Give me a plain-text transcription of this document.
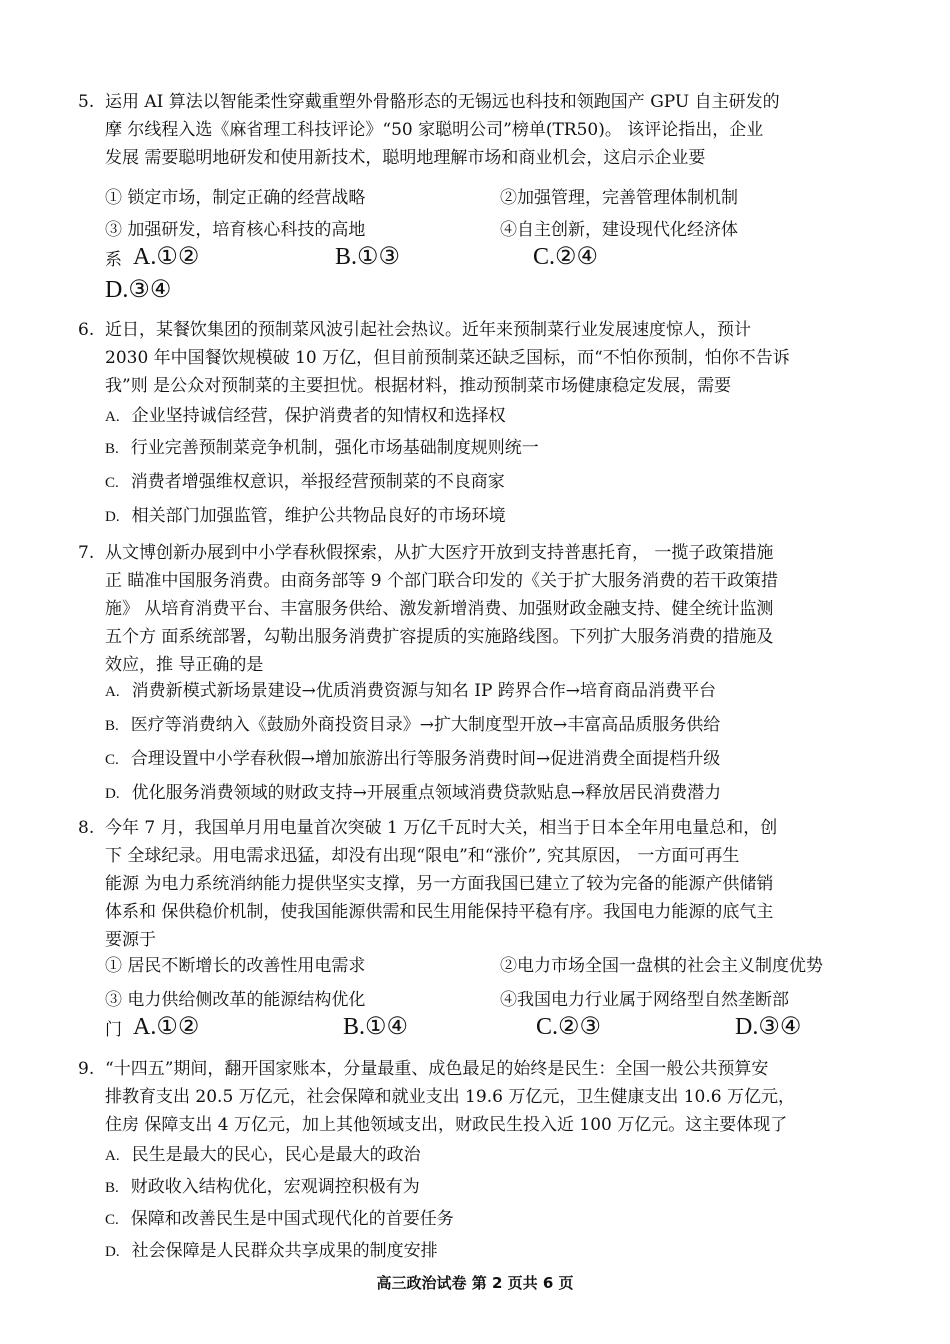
5. 运用 AI 算法以智能柔性穿戴重塑外骨骼形态的无锡远也科技和领跑国产 GPU 自主研发的
摩 尔线程入选《麻省理工科技评论》“50 家聪明公司”榜单(TR50)。 该评论指出，企业
发展 需要聪明地研发和使用新技术，聪明地理解市场和商业机会，这启示企业要
① 锁定市场，制定正确的经营战略	②加强管理，完善管理体制机制
③ 加强研发，培育核心科技的高地	④自主创新，建设现代化经济体
系 A.①②	B.①③	C.②④
D.③④
6. 近日，某餐饮集团的预制菜风波引起社会热议。近年来预制菜行业发展速度惊人，预计
2030 年中国餐饮规模破 10 万亿，但目前预制菜还缺乏国标，而“不怕你预制，怕你不告诉
我”则 是公众对预制菜的主要担忧。根据材料，推动预制菜市场健康稳定发展，需要
A. 企业坚持诚信经营，保护消费者的知情权和选择权
B. 行业完善预制菜竞争机制，强化市场基础制度规则统一
C. 消费者增强维权意识，举报经营预制菜的不良商家
D. 相关部门加强监管，维护公共物品良好的市场环境
7. 从文博创新办展到中小学春秋假探索，从扩大医疗开放到支持普惠托育， 一揽子政策措施
正 瞄准中国服务消费。由商务部等 9 个部门联合印发的《关于扩大服务消费的若干政策措
施》 从培育消费平台、丰富服务供给、激发新增消费、加强财政金融支持、健全统计监测
五个方 面系统部署，勾勒出服务消费扩容提质的实施路线图。下列扩大服务消费的措施及
效应，推 导正确的是
A. 消费新模式新场景建设→优质消费资源与知名 IP 跨界合作→培育商品消费平台
B. 医疗等消费纳入《鼓励外商投资目录》→扩大制度型开放→丰富高品质服务供给
C. 合理设置中小学春秋假→增加旅游出行等服务消费时间→促进消费全面提档升级
D. 优化服务消费领域的财政支持→开展重点领域消费贷款贴息→释放居民消费潜力
8. 今年 7 月，我国单月用电量首次突破 1 万亿千瓦时大关，相当于日本全年用电量总和，创
下 全球纪录。用电需求迅猛，却没有出现“限电”和“涨价”, 究其原因， 一方面可再生
能源 为电力系统消纳能力提供坚实支撑，另一方面我国已建立了较为完备的能源产供储销
体系和 保供稳价机制，使我国能源供需和民生用能保持平稳有序。我国电力能源的底气主
要源于
① 居民不断增长的改善性用电需求	②电力市场全国一盘棋的社会主义制度优势
③ 电力供给侧改革的能源结构优化	④我国电力行业属于网络型自然垄断部
门 A.①②	B.①④	C.②③	D.③④
9. “十四五”期间，翻开国家账本，分量最重、成色最足的始终是民生：全国一般公共预算安
排教育支出 20.5 万亿元，社会保障和就业支出 19.6 万亿元，卫生健康支出 10.6 万亿元，
住房 保障支出 4 万亿元，加上其他领域支出，财政民生投入近 100 万亿元。这主要体现了
A. 民生是最大的民心，民心是最大的政治
B. 财政收入结构优化，宏观调控积极有为
C. 保障和改善民生是中国式现代化的首要任务
D. 社会保障是人民群众共享成果的制度安排
高三政治试卷 第 2 页共 6 页
